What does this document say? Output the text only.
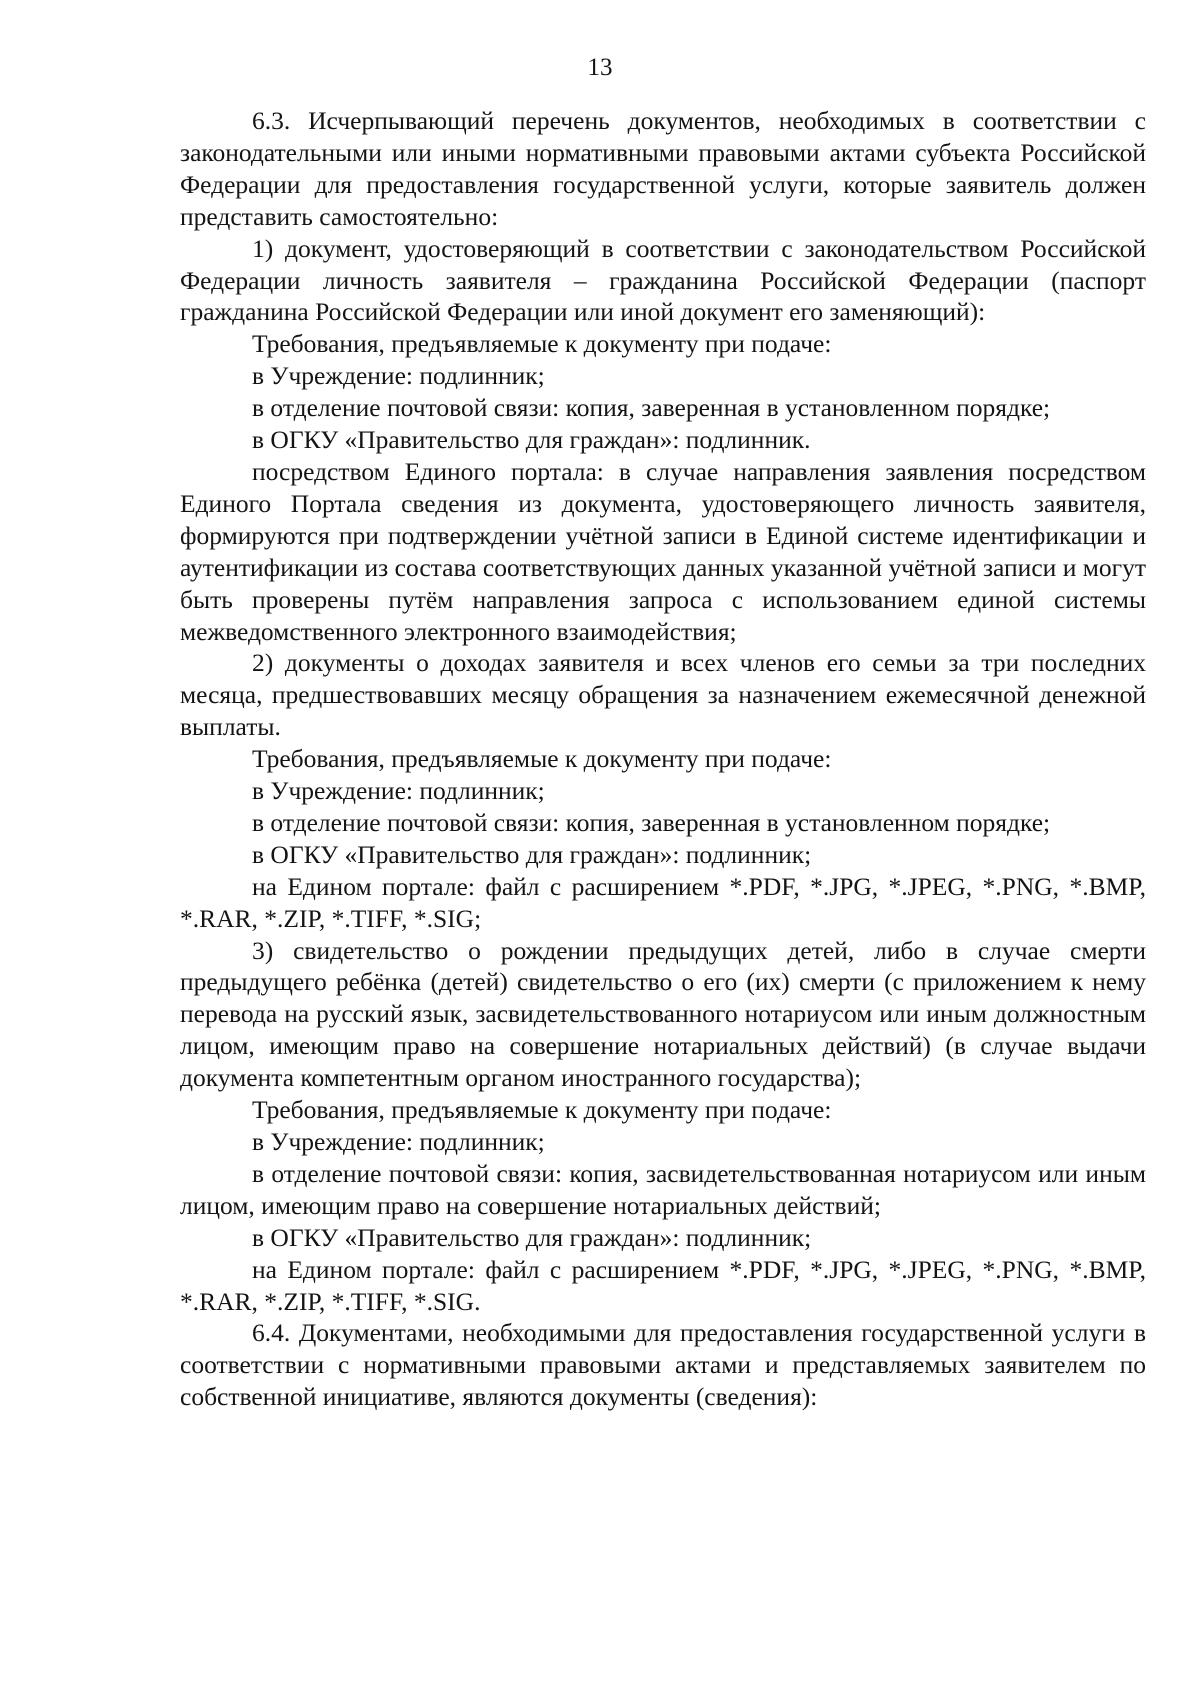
13

6.3. Исчерпывающий перечень документов, необходимых в соответствии с законодательными или иными нормативными правовыми актами субъекта Российской Федерации для предоставления государственной услуги, которые заявитель должен представить самостоятельно:

1) документ, удостоверяющий в соответствии с законодательством Российской Федерации личность заявителя – гражданина Российской Федерации (паспорт гражданина Российской Федерации или иной документ его заменяющий):

Требования, предъявляемые к документу при подаче:

в Учреждение: подлинник;

в отделение почтовой связи: копия, заверенная в установленном порядке;

в ОГКУ «Правительство для граждан»: подлинник.

посредством Единого портала: в случае направления заявления посредством Единого Портала сведения из документа, удостоверяющего личность заявителя, формируются при подтверждении учётной записи в Единой системе идентификации и аутентификации из состава соответствующих данных указанной учётной записи и могут быть проверены путём направления запроса с использованием единой системы межведомственного электронного взаимодействия;

2) документы о доходах заявителя и всех членов его семьи за три последних месяца, предшествовавших месяцу обращения за назначением ежемесячной денежной выплаты.

Требования, предъявляемые к документу при подаче:

в Учреждение: подлинник;

в отделение почтовой связи: копия, заверенная в установленном порядке;

в ОГКУ «Правительство для граждан»: подлинник;

на Едином портале: файл с расширением *.PDF, *.JPG, *.JPEG, *.PNG, *.BMP, *.RAR, *.ZIP, *.TIFF, *.SIG;

3) свидетельство о рождении предыдущих детей, либо в случае смерти предыдущего ребёнка (детей) свидетельство о его (их) смерти (с приложением к нему перевода на русский язык, засвидетельствованного нотариусом или иным должностным лицом, имеющим право на совершение нотариальных действий) (в случае выдачи документа компетентным органом иностранного государства);

Требования, предъявляемые к документу при подаче:

в Учреждение: подлинник;

в отделение почтовой связи: копия, засвидетельствованная нотариусом или иным лицом, имеющим право на совершение нотариальных действий;

в ОГКУ «Правительство для граждан»: подлинник;

на Едином портале: файл с расширением *.PDF, *.JPG, *.JPEG, *.PNG, *.BMP, *.RAR, *.ZIP, *.TIFF, *.SIG.

6.4. Документами, необходимыми для предоставления государственной услуги в соответствии с нормативными правовыми актами и представляемых заявителем по собственной инициативе, являются документы (сведения):
